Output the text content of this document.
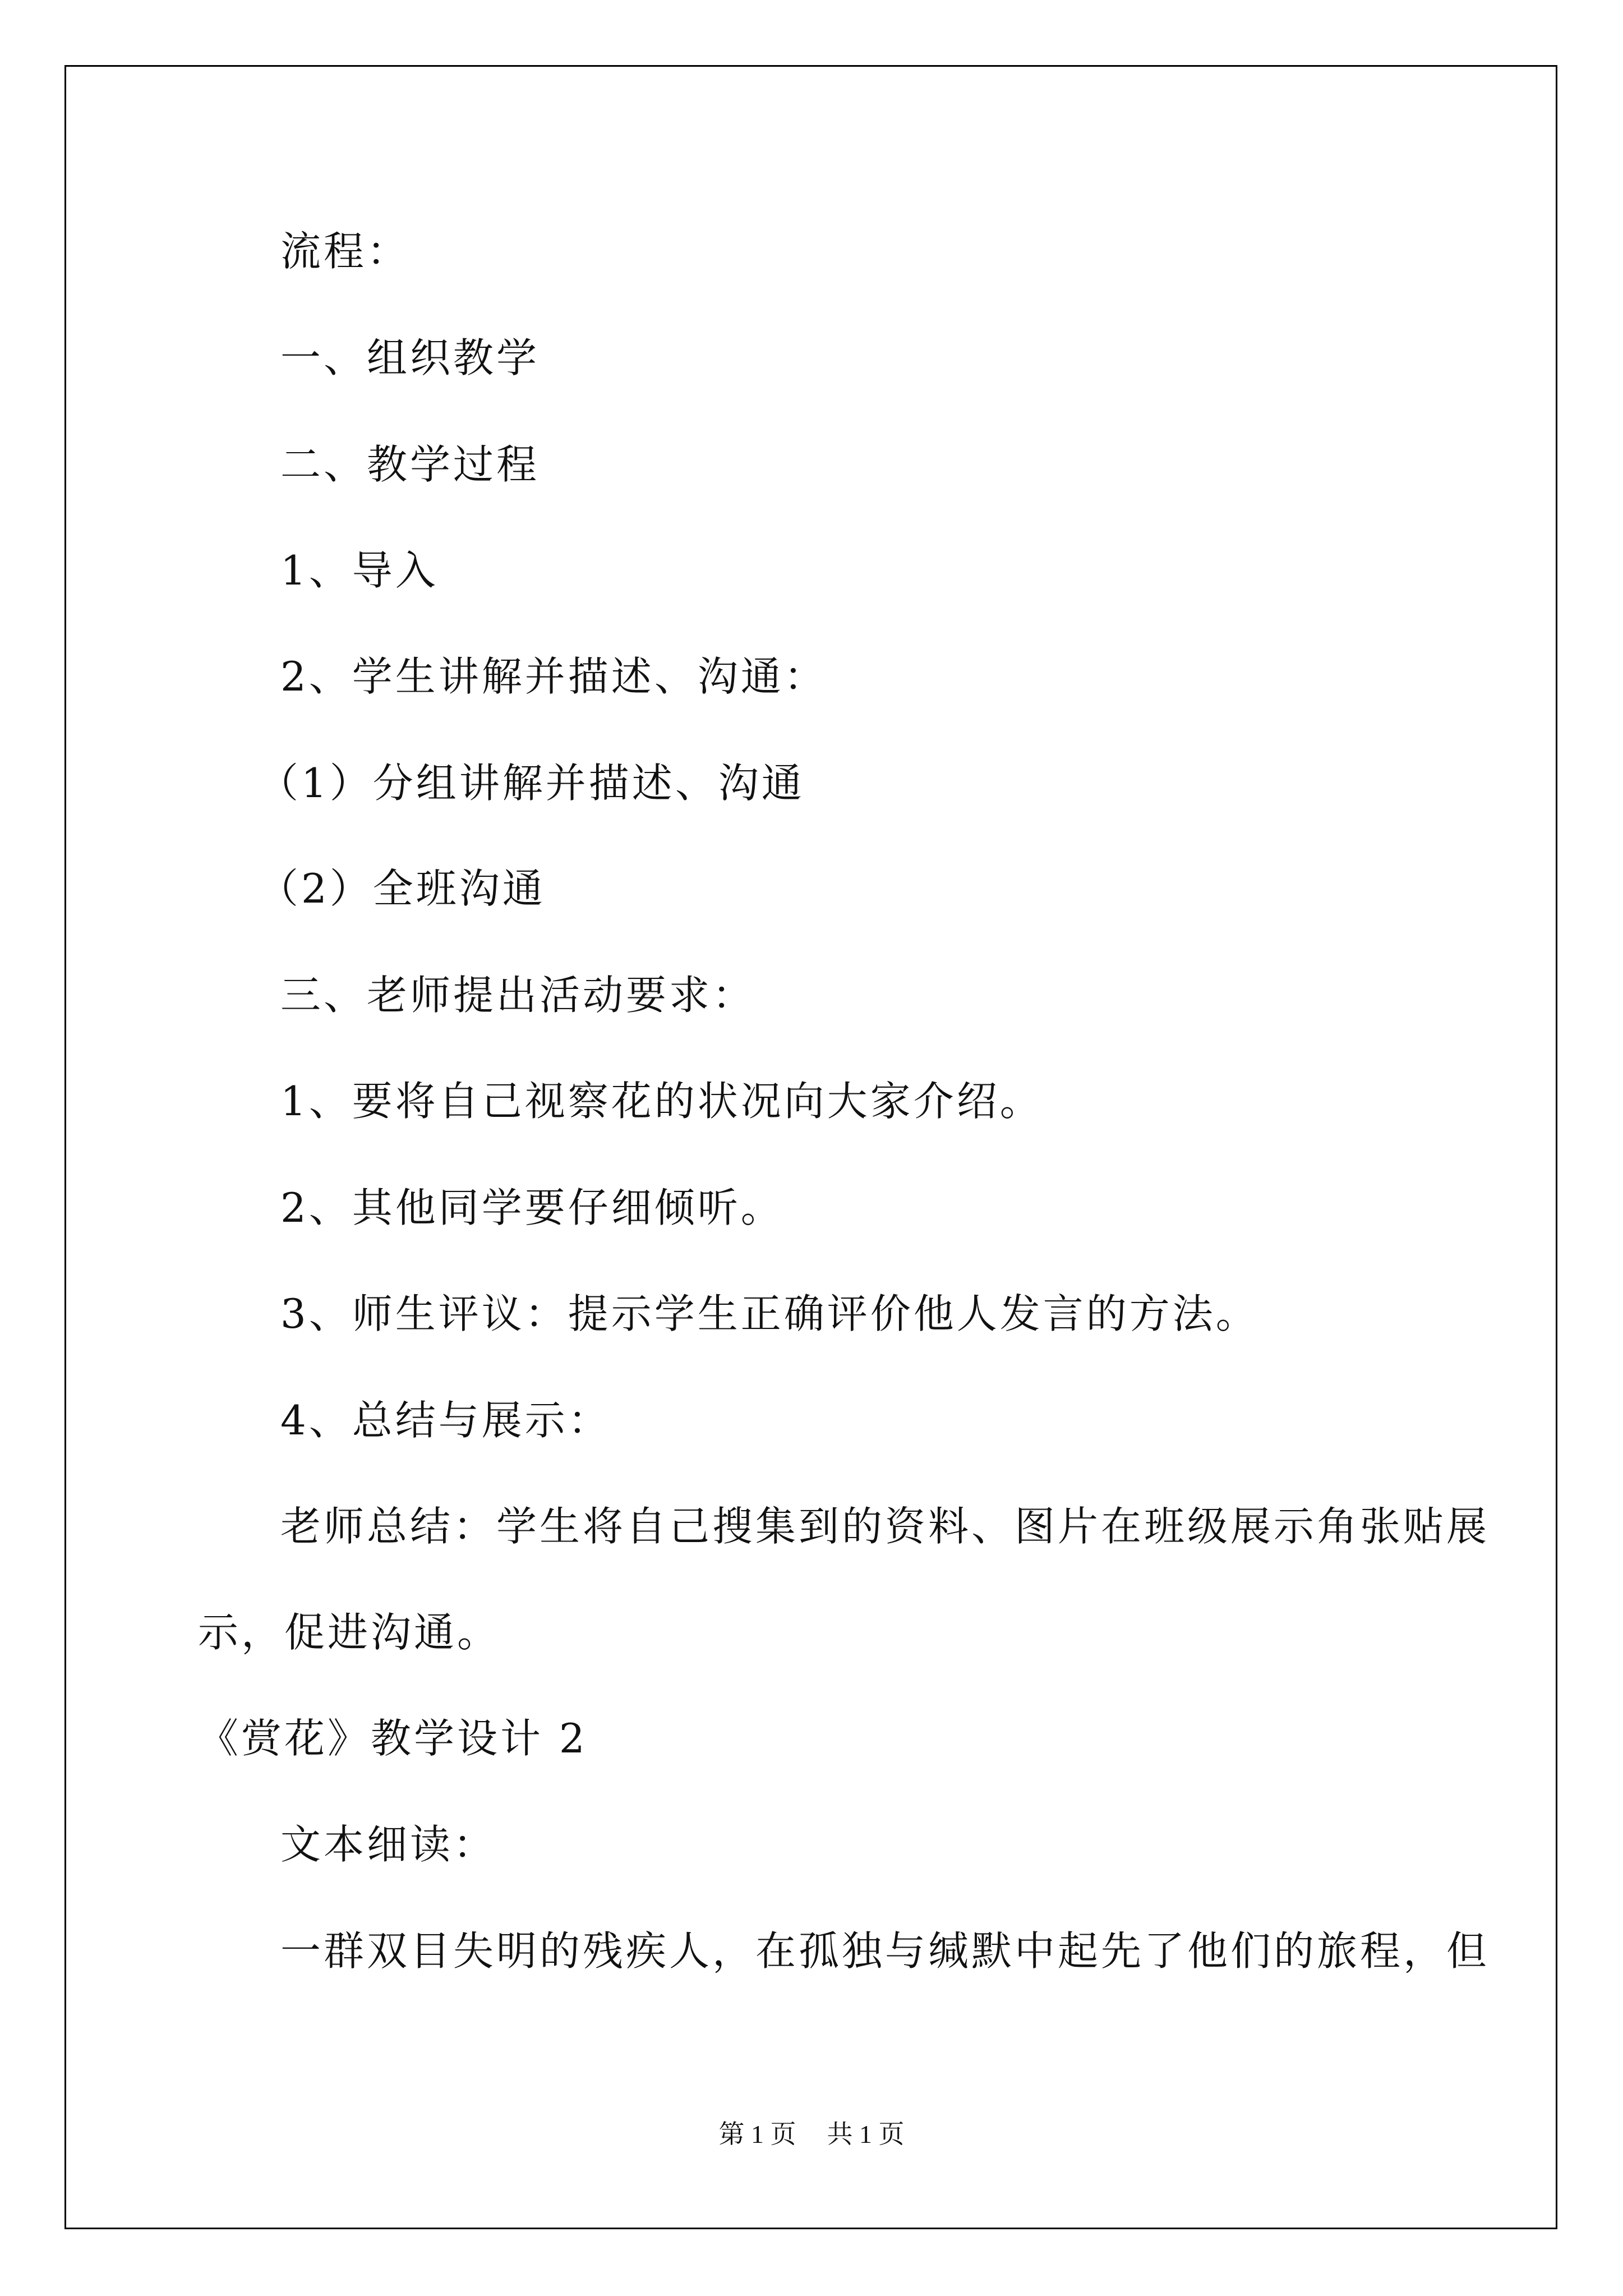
流程：
一、组织教学
二、教学过程
1、导入
2、学生讲解并描述、沟通：
（1）分组讲解并描述、沟通
（2）全班沟通
三、老师提出活动要求：
1、要将自己视察花的状况向大家介绍。
2、其他同学要仔细倾听。
3、师生评议：提示学生正确评价他人发言的方法。
4、总结与展示：
老师总结：学生将自己搜集到的资料、图片在班级展示角张贴展
示，促进沟通。
《赏花》教学设计 2
文本细读：
一群双目失明的残疾人，在孤独与缄默中起先了他们的旅程，但
第 1 页 共 1 页
